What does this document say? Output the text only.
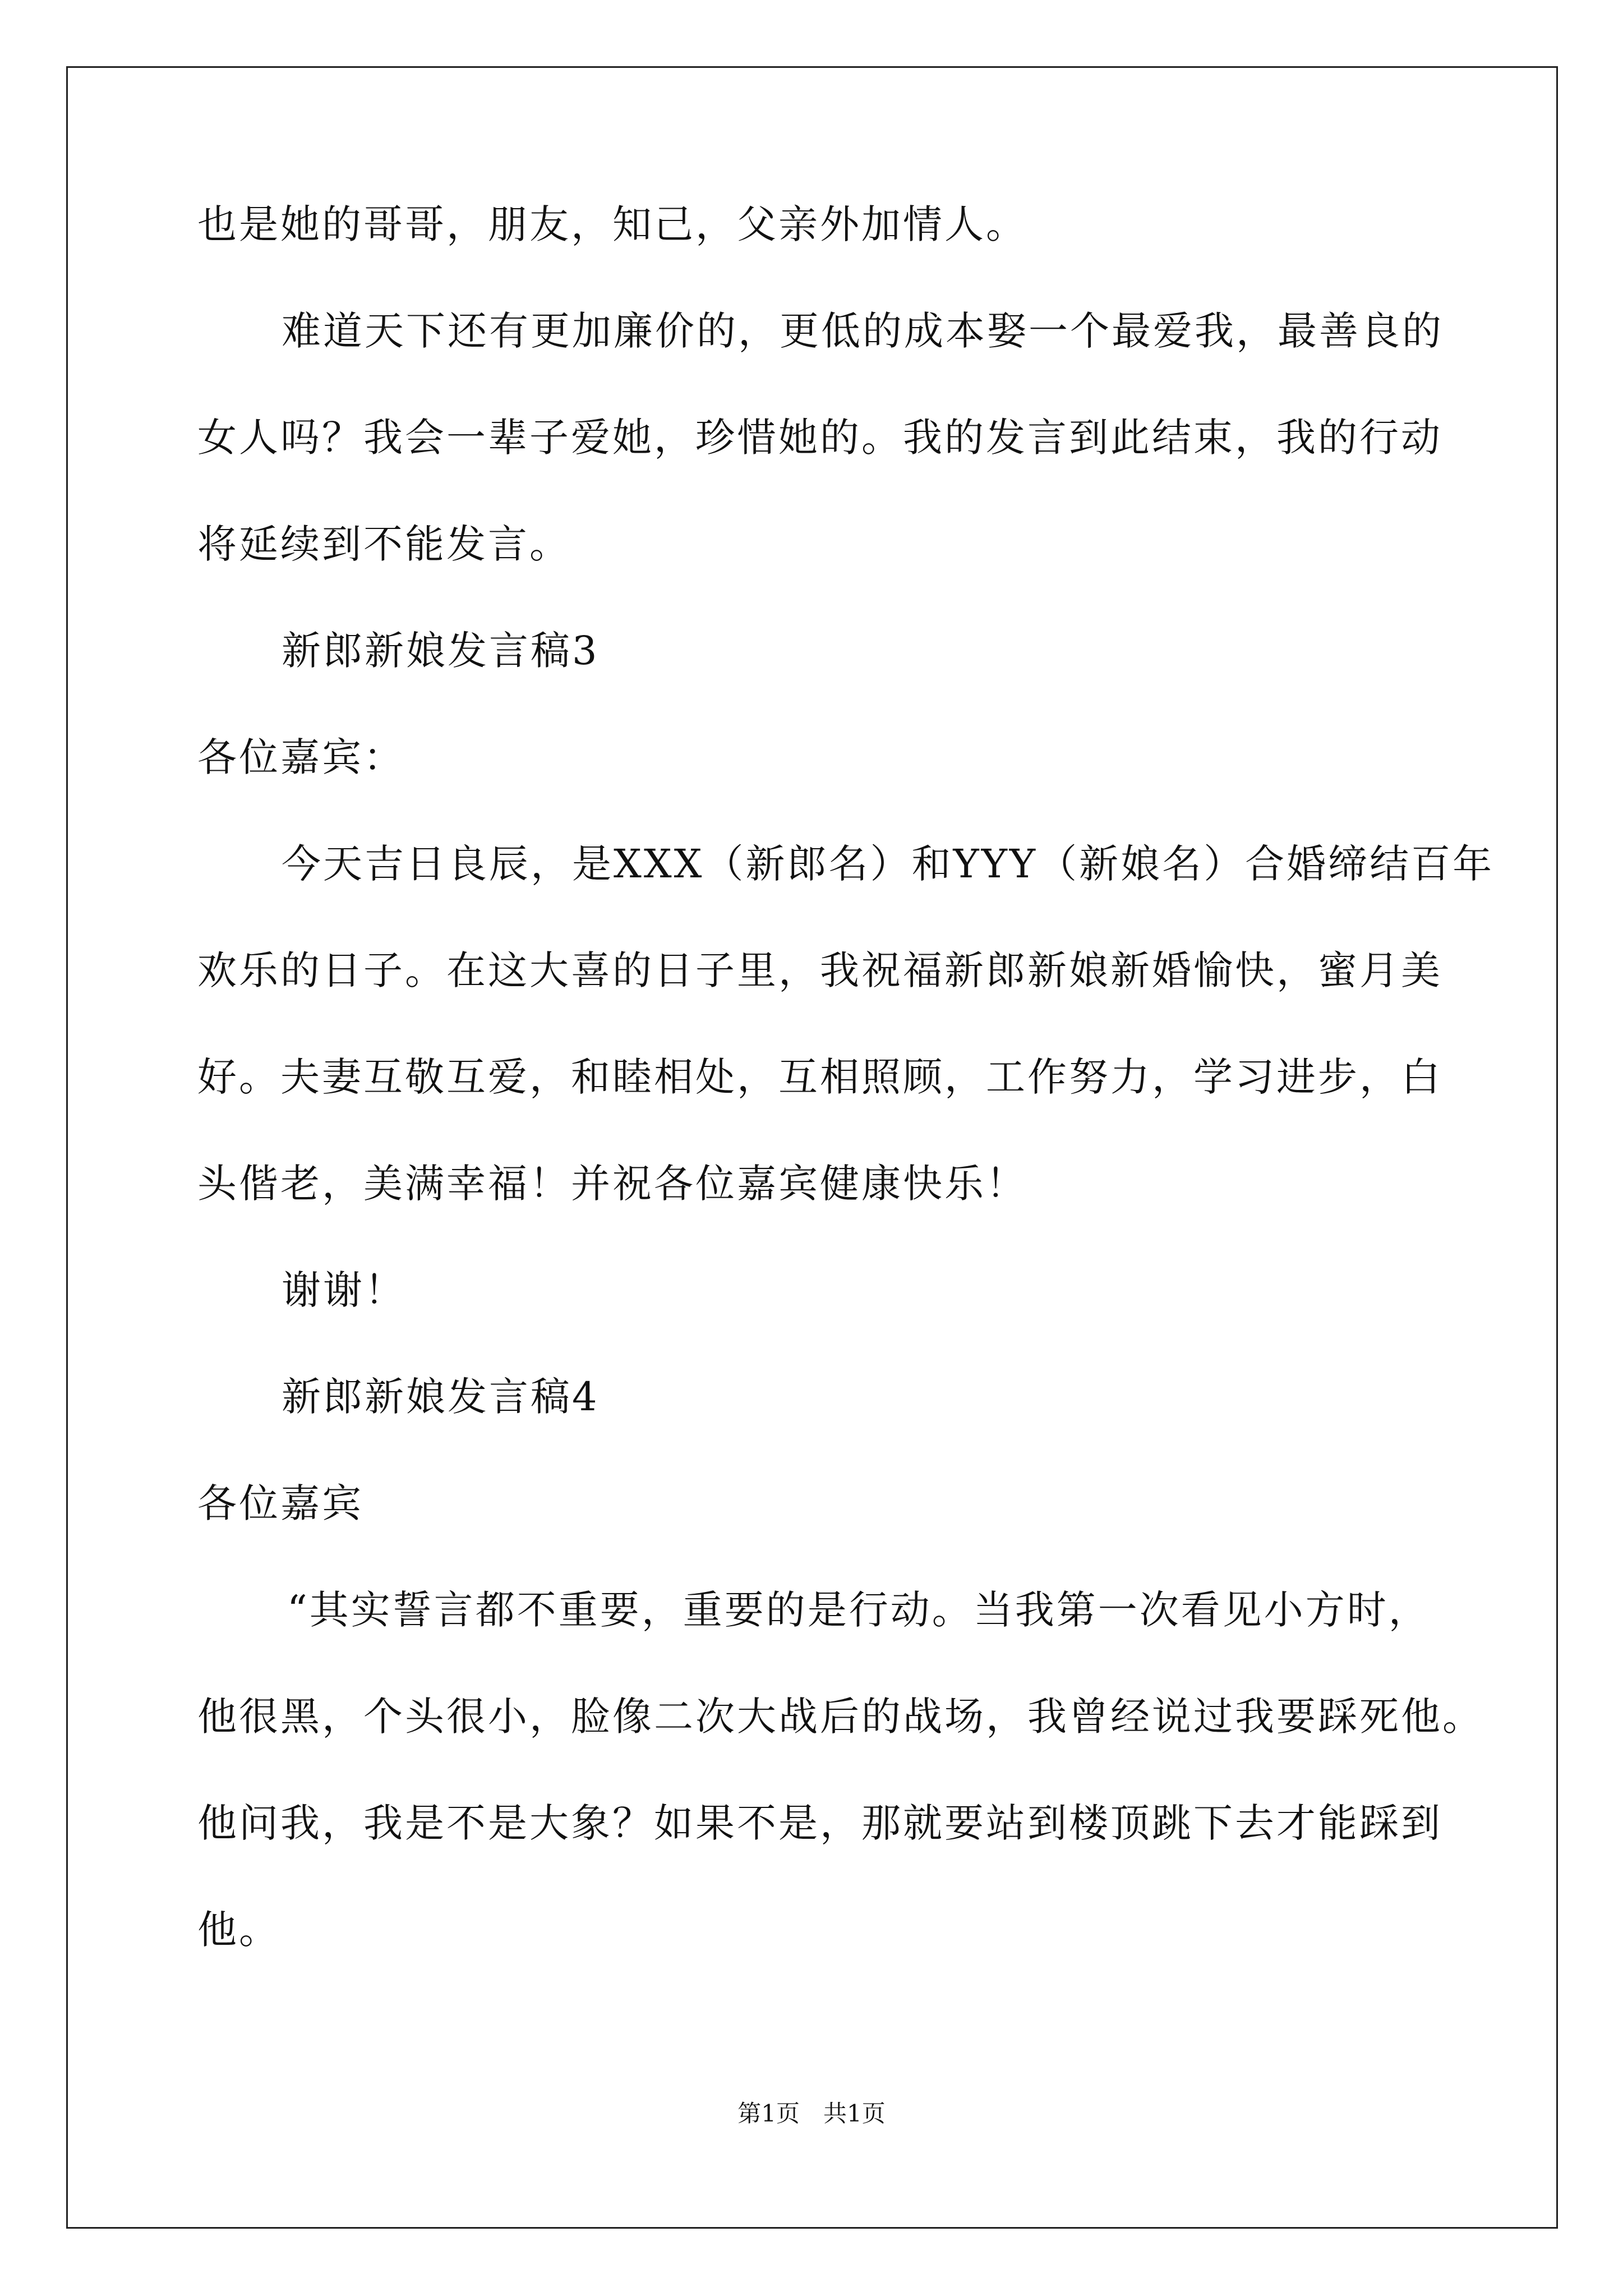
也是她的哥哥，朋友，知己，父亲外加情人。
难道天下还有更加廉价的，更低的成本娶一个最爱我，最善良的
女人吗？我会一辈子爱她，珍惜她的。我的发言到此结束，我的行动
将延续到不能发言。
新郎新娘发言稿3
各位嘉宾：
今天吉日良辰，是XXX（新郎名）和YYY（新娘名）合婚缔结百年
欢乐的日子。在这大喜的日子里，我祝福新郎新娘新婚愉快，蜜月美
好。夫妻互敬互爱，和睦相处，互相照顾，工作努力，学习进步，白
头偕老，美满幸福！并祝各位嘉宾健康快乐！
谢谢！
新郎新娘发言稿4
各位嘉宾
“其实誓言都不重要，重要的是行动。当我第一次看见小方时，
他很黑，个头很小，脸像二次大战后的战场，我曾经说过我要踩死他。
他问我，我是不是大象？如果不是，那就要站到楼顶跳下去才能踩到
他。
第1页　共1页
